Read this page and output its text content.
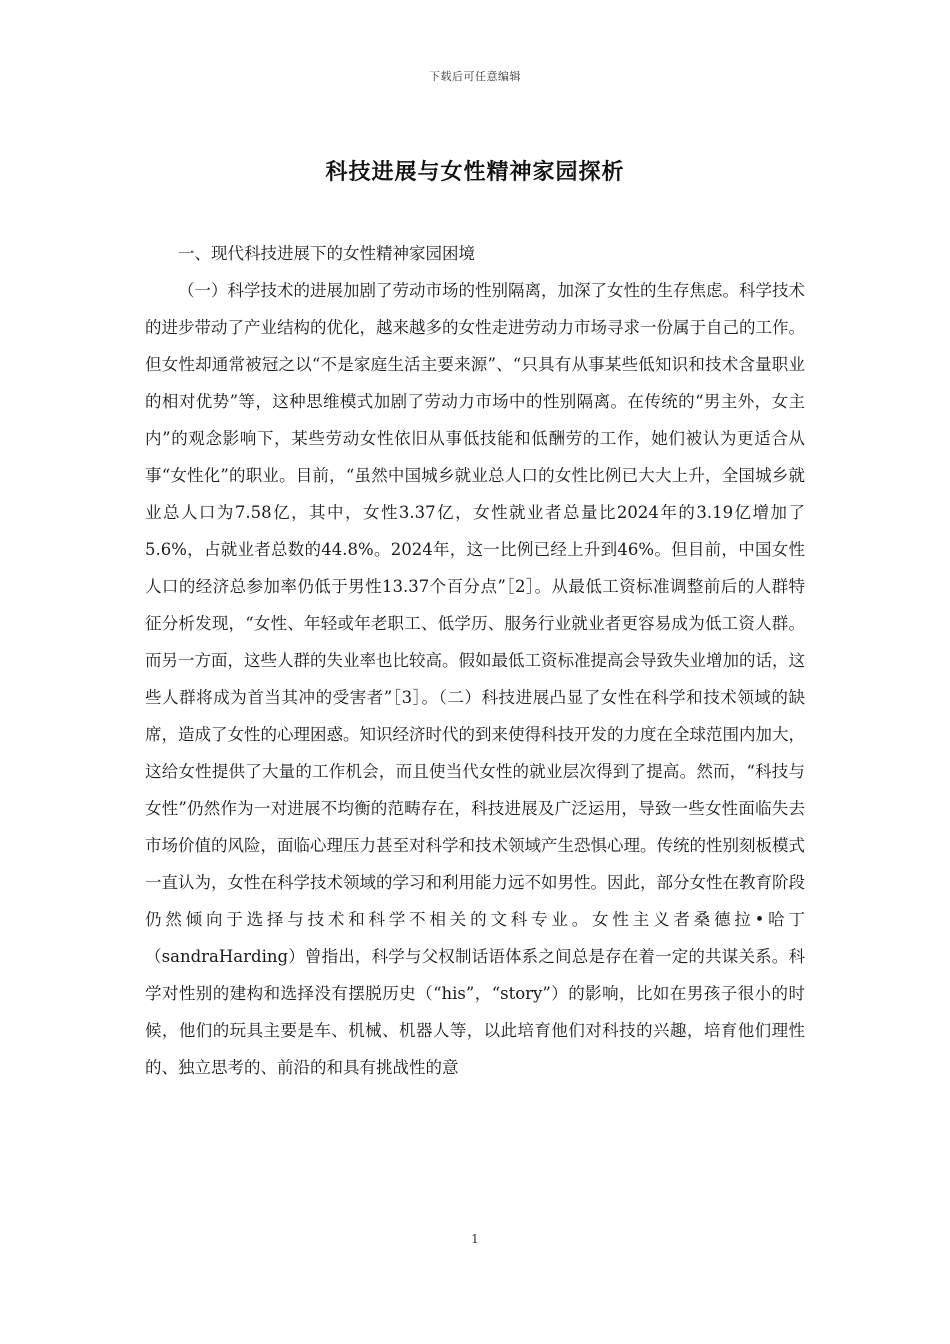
下载后可任意编辑
科技进展与女性精神家园探析

一、现代科技进展下的女性精神家园困境

（一）科学技术的进展加剧了劳动市场的性别隔离，加深了女性的生存焦虑。科学技术的进步带动了产业结构的优化，越来越多的女性走进劳动力市场寻求一份属于自己的工作。但女性却通常被冠之以“不是家庭生活主要来源”、“只具有从事某些低知识和技术含量职业的相对优势”等，这种思维模式加剧了劳动力市场中的性别隔离。在传统的“男主外，女主内”的观念影响下，某些劳动女性依旧从事低技能和低酬劳的工作，她们被认为更适合从事“女性化”的职业。目前，“虽然中国城乡就业总人口的女性比例已大大上升，全国城乡就业总人口为7.58亿，其中，女性3.37亿，女性就业者总量比2024年的3.19亿增加了5.6%，占就业者总数的44.8%。2024年，这一比例已经上升到46%。但目前，中国女性人口的经济总参加率仍低于男性13.37个百分点”［2］。从最低工资标准调整前后的人群特征分析发现，“女性、年轻或年老职工、低学历、服务行业就业者更容易成为低工资人群。而另一方面，这些人群的失业率也比较高。假如最低工资标准提高会导致失业增加的话，这些人群将成为首当其冲的受害者”［3］。（二）科技进展凸显了女性在科学和技术领域的缺席，造成了女性的心理困惑。知识经济时代的到来使得科技开发的力度在全球范围内加大，这给女性提供了大量的工作机会，而且使当代女性的就业层次得到了提高。然而，“科技与女性”仍然作为一对进展不均衡的范畴存在，科技进展及广泛运用，导致一些女性面临失去市场价值的风险，面临心理压力甚至对科学和技术领域产生恐惧心理。传统的性别刻板模式一直认为，女性在科学技术领域的学习和利用能力远不如男性。因此，部分女性在教育阶段仍然倾向于选择与技术和科学不相关的文科专业。女性主义者桑德拉•哈丁（sandraHarding）曾指出，科学与父权制话语体系之间总是存在着一定的共谋关系。科学对性别的建构和选择没有摆脱历史（“his”，“story”）的影响，比如在男孩子很小的时候，他们的玩具主要是车、机械、机器人等，以此培育他们对科技的兴趣，培育他们理性的、独立思考的、前沿的和具有挑战性的意

1
